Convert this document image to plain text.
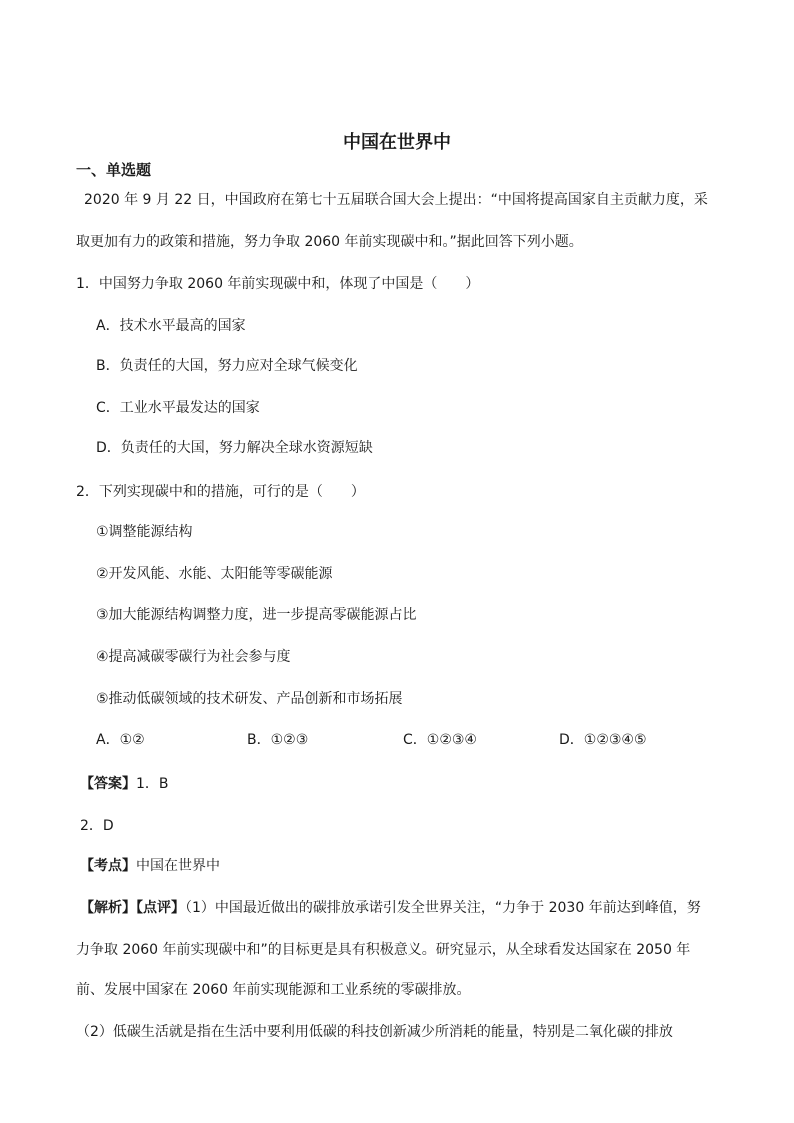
中国在世界中
一、单选题
2020 年 9 月 22 日，中国政府在第七十五届联合国大会上提出：“中国将提高国家自主贡献力度，采
取更加有力的政策和措施，努力争取 2060 年前实现碳中和。”据此回答下列小题。
1．中国努力争取 2060 年前实现碳中和，体现了中国是（　　）
A．技术水平最高的国家
B．负责任的大国，努力应对全球气候变化
C．工业水平最发达的国家
D．负责任的大国，努力解决全球水资源短缺
2．下列实现碳中和的措施，可行的是（　　）
①调整能源结构
②开发风能、水能、太阳能等零碳能源
③加大能源结构调整力度，进一步提高零碳能源占比
④提高减碳零碳行为社会参与度
⑤推动低碳领域的技术研发、产品创新和市场拓展
A．①②	B．①②③	C．①②③④	D．①②③④⑤
【答案】1．B
2．D
【考点】中国在世界中
【解析】【点评】（1）中国最近做出的碳排放承诺引发全世界关注，“力争于 2030 年前达到峰值，努
力争取 2060 年前实现碳中和”的目标更是具有积极意义。研究显示，从全球看发达国家在 2050 年
前、发展中国家在 2060 年前实现能源和工业系统的零碳排放。
（2）低碳生活就是指在生活中要利用低碳的科技创新减少所消耗的能量，特别是二氧化碳的排放
